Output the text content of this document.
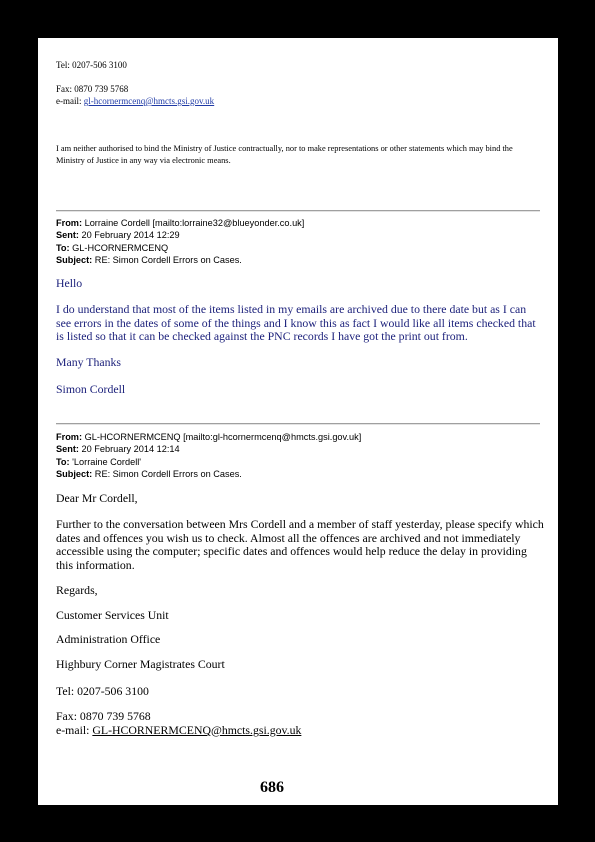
Tel: 0207-506 3100
Fax: 0870 739 5768
e-mail: gl-hcornermcenq@hmcts.gsi.gov.uk
I am neither authorised to bind the Ministry of Justice contractually, nor to make representations or other statements which may bind the Ministry of Justice in any way via electronic means.
From: Lorraine Cordell [mailto:lorraine32@blueyonder.co.uk]
Sent: 20 February 2014 12:29
To: GL-HCORNERMCENQ
Subject: RE: Simon Cordell Errors on Cases.
Hello
I do understand that most of the items listed in my emails are archived due to there date but as I can see errors in the dates of some of the things and I know this as fact I would like all items checked that is listed so that it can be checked against the PNC records I have got the print out from.
Many Thanks
Simon Cordell
From: GL-HCORNERMCENQ [mailto:gl-hcornermcenq@hmcts.gsi.gov.uk]
Sent: 20 February 2014 12:14
To: 'Lorraine Cordell'
Subject: RE: Simon Cordell Errors on Cases.
Dear Mr Cordell,
Further to the conversation between Mrs Cordell and a member of staff yesterday, please specify which dates and offences you wish us to check. Almost all the offences are archived and not immediately accessible using the computer; specific dates and offences would help reduce the delay in providing this information.
Regards,
Customer Services Unit
Administration Office
Highbury Corner Magistrates Court
Tel: 0207-506 3100
Fax: 0870 739 5768
e-mail: GL-HCORNERMCENQ@hmcts.gsi.gov.uk
686
